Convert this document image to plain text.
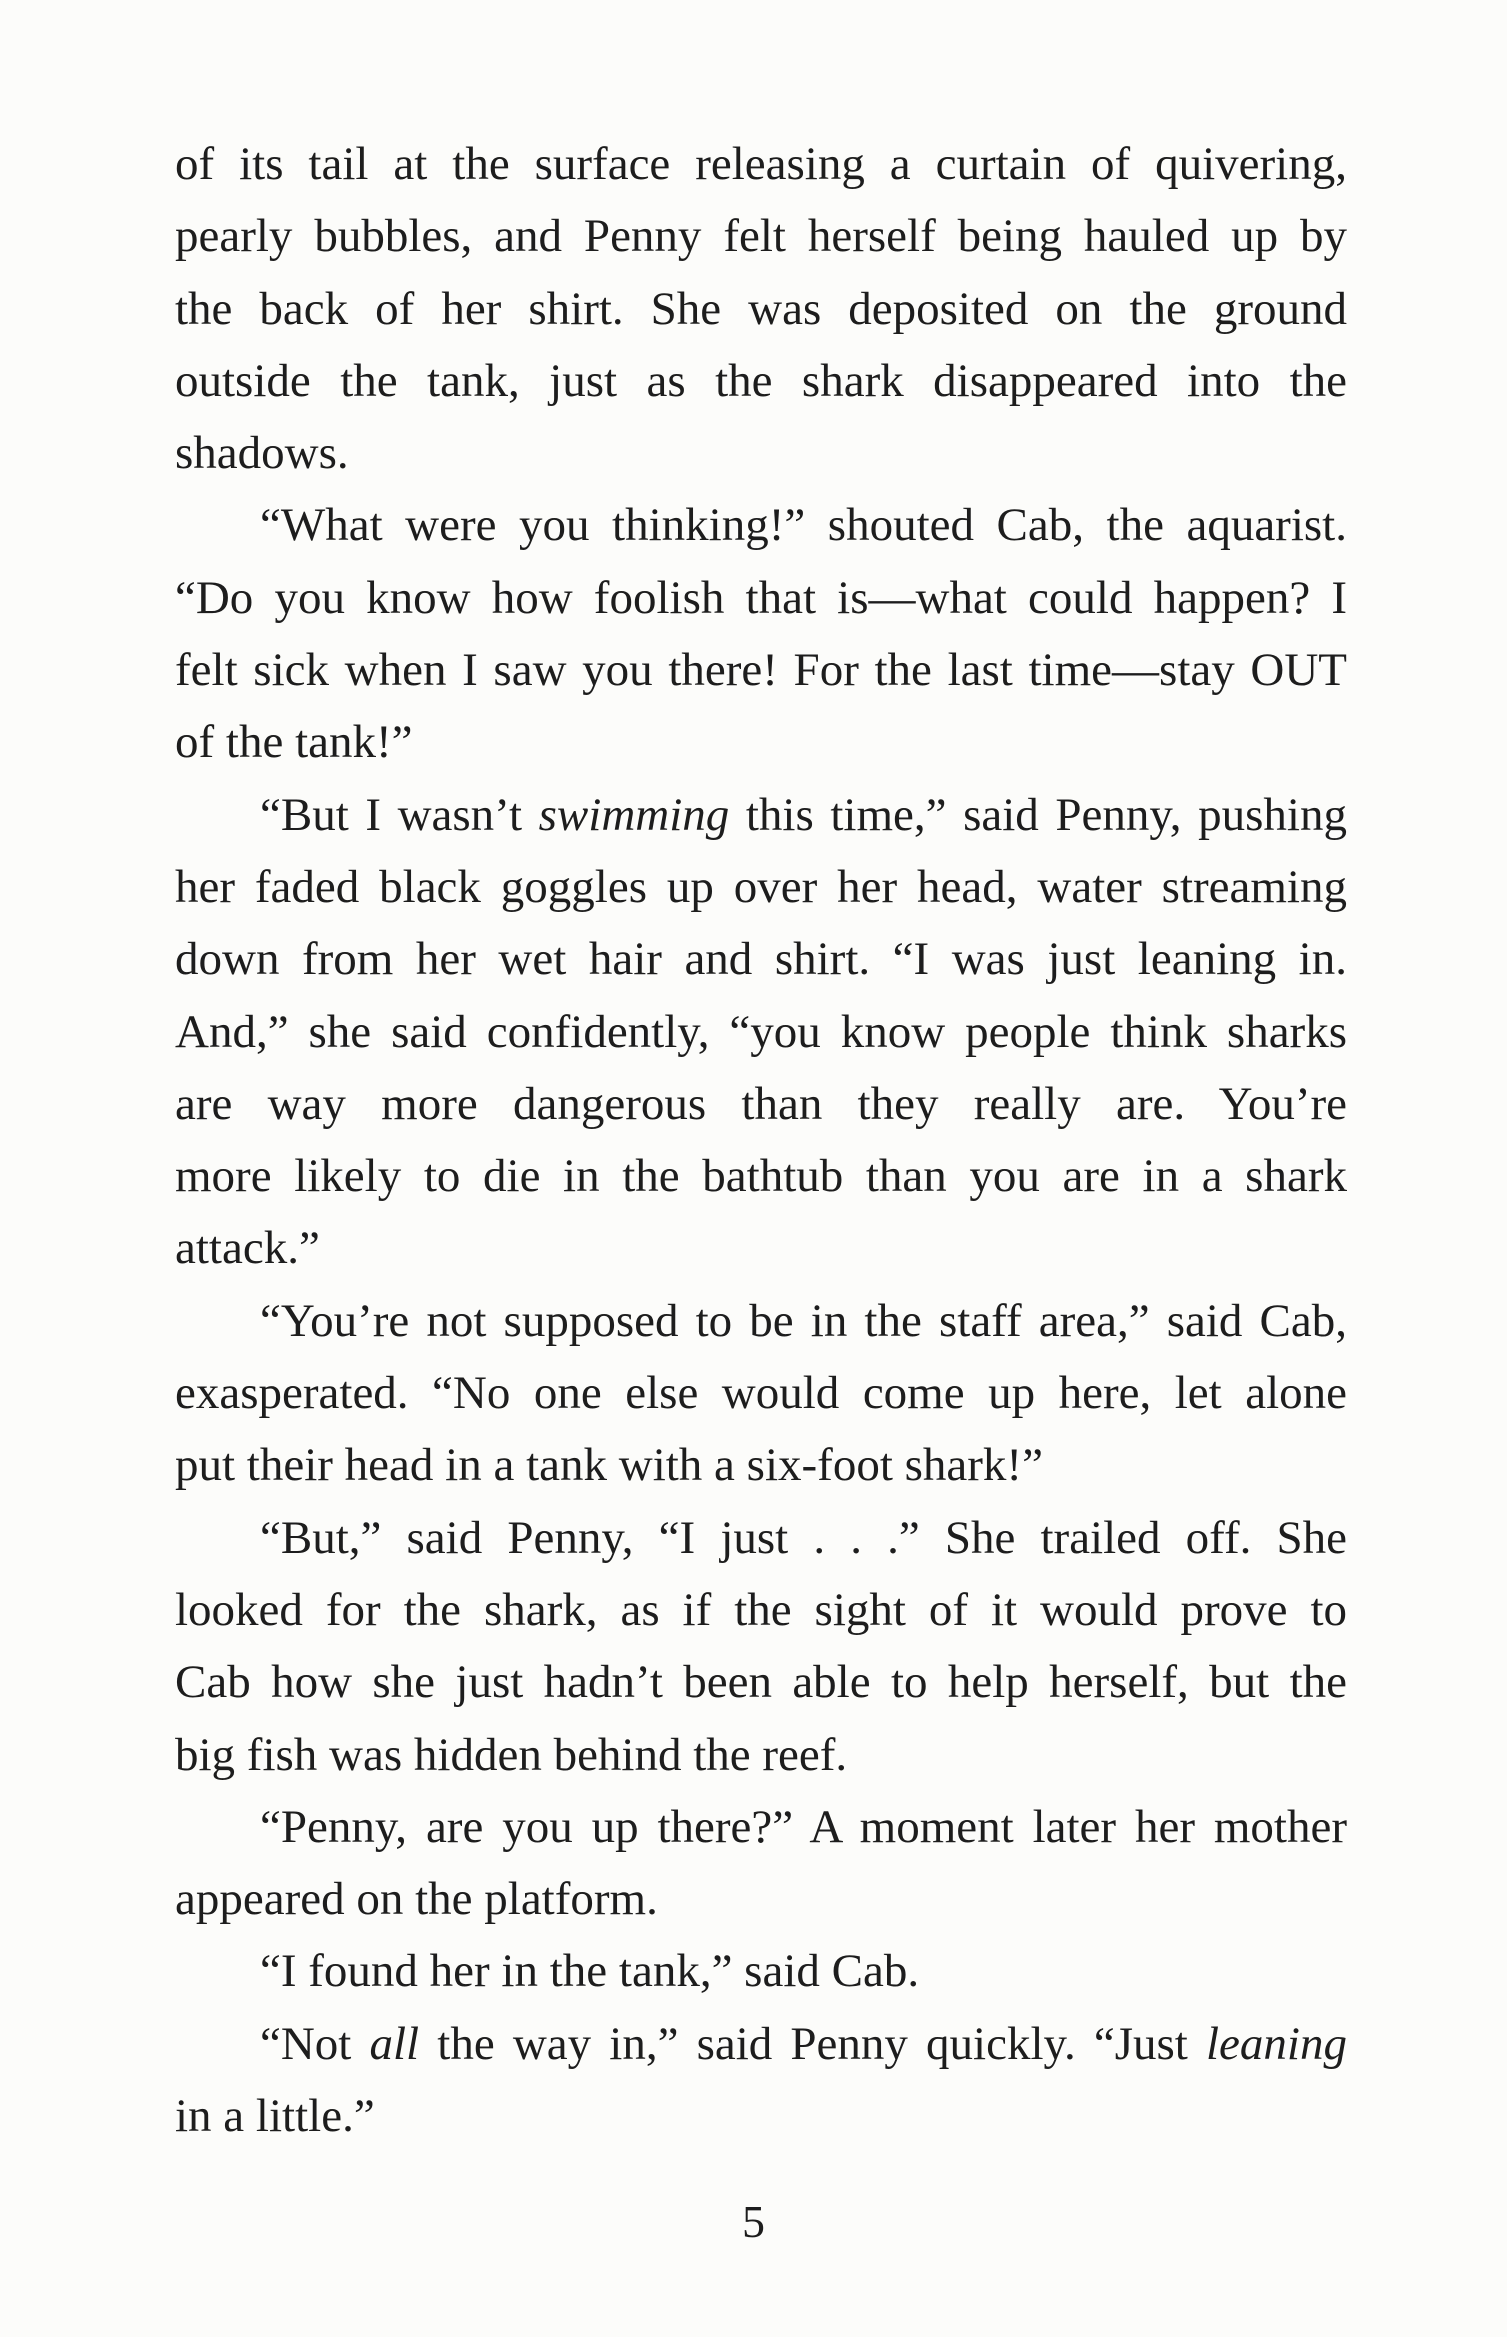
of its tail at the surface releasing a curtain of quivering,
pearly bubbles, and Penny felt herself being hauled up by
the back of her shirt. She was deposited on the ground
outside the tank, just as the shark disappeared into the
shadows.
“What were you thinking!” shouted Cab, the aquarist.
“Do you know how foolish that is—what could happen? I
felt sick when I saw you there! For the last time—stay OUT
of the tank!”
“But I wasn’t swimming this time,” said Penny, pushing
her faded black goggles up over her head, water streaming
down from her wet hair and shirt. “I was just leaning in.
And,” she said confidently, “you know people think sharks
are way more dangerous than they really are. You’re
more likely to die in the bathtub than you are in a shark
attack.”
“You’re not supposed to be in the staff area,” said Cab,
exasperated. “No one else would come up here, let alone
put their head in a tank with a six-foot shark!”
“But,” said Penny, “I just . . .” She trailed off. She
looked for the shark, as if the sight of it would prove to
Cab how she just hadn’t been able to help herself, but the
big fish was hidden behind the reef.
“Penny, are you up there?” A moment later her mother
appeared on the platform.
“I found her in the tank,” said Cab.
“Not all the way in,” said Penny quickly. “Just leaning
in a little.”
5
